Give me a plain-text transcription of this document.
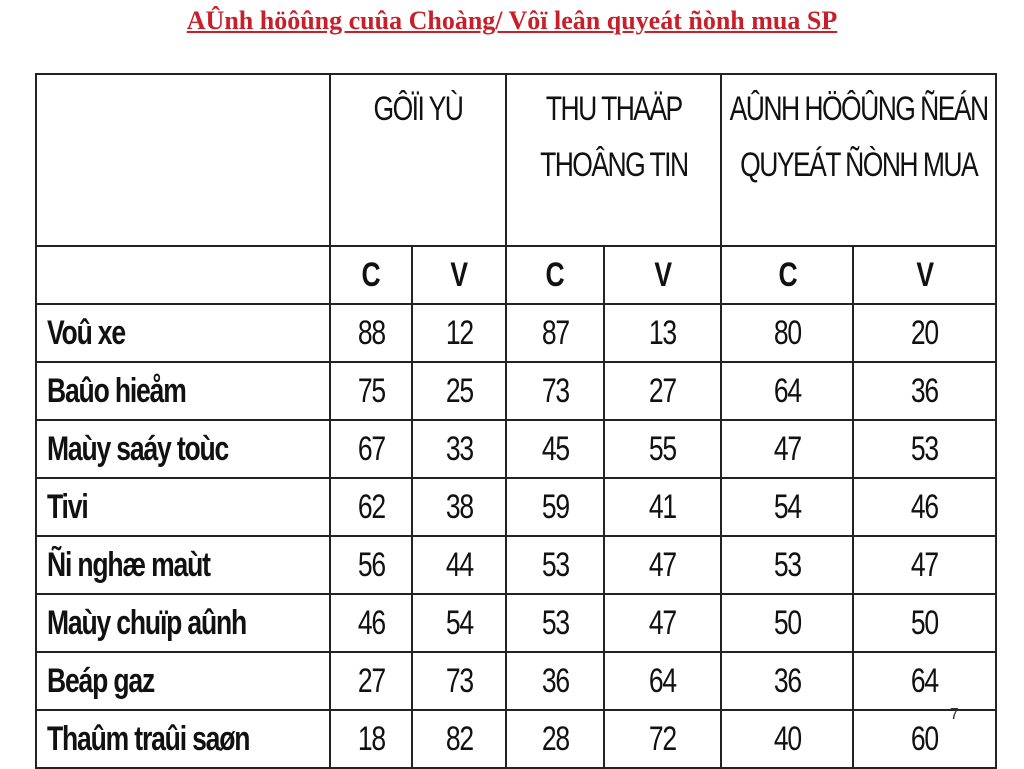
AÛnh höôûng cuûa Choàng/ Vôï leân quyeát ñònh mua SP
	GÔÏI YÙ		THU THAÄP THOÂNG TIN		AÛNH HÖÔÛNG ÑEÁN QUYEÁT ÑÒNH MUA	
	C	V	C	V	C	V
Voû xe	88	12	87	13	80	20
Baûo hieåm	75	25	73	27	64	36
Maùy saáy toùc	67	33	45	55	47	53
Tivi	62	38	59	41	54	46
Ñi nghæ maùt	56	44	53	47	53	47
Maùy chuïp aûnh	46	54	53	47	50	50
Beáp gaz	27	73	36	64	36	64
Thaûm traûi saøn	18	82	28	72	40	60
7
